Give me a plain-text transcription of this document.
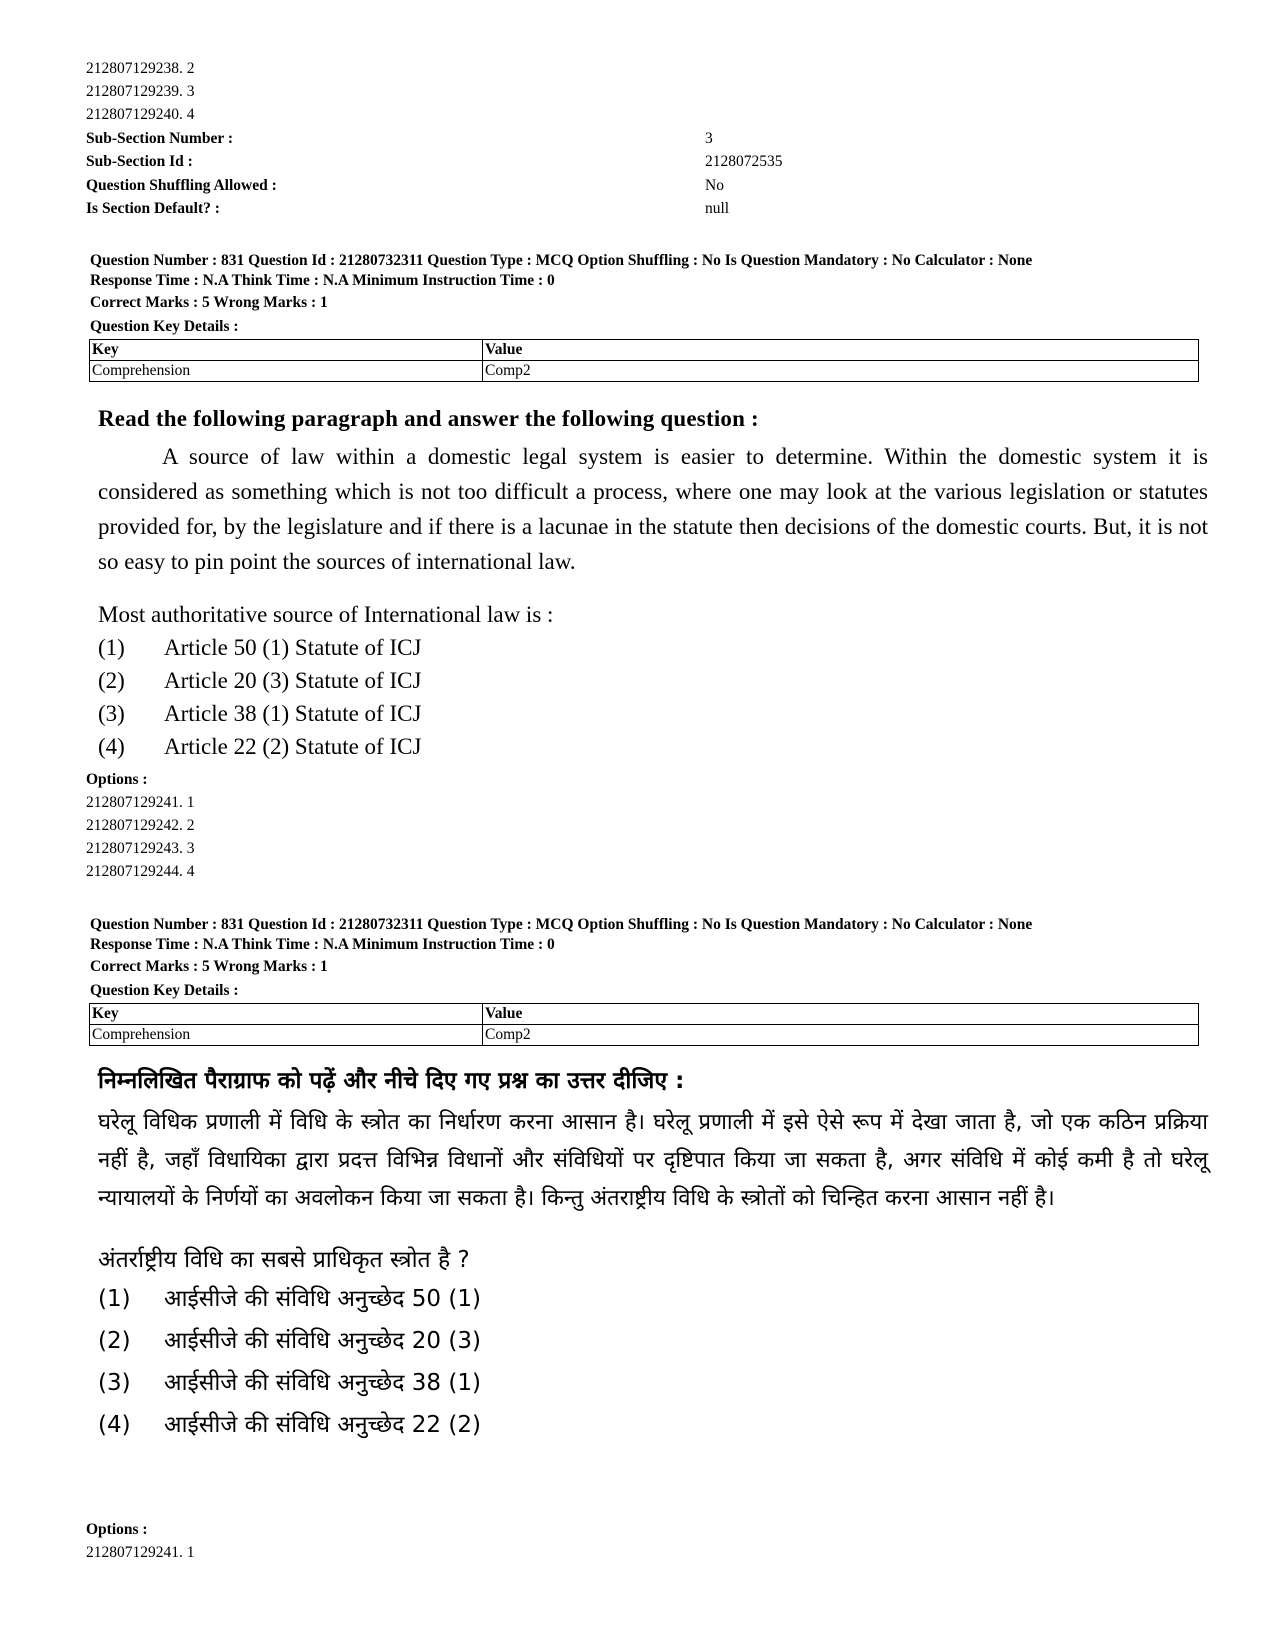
212807129238. 2
212807129239. 3
212807129240. 4
Sub-Section Number :	3
Sub-Section Id :	2128072535
Question Shuffling Allowed :	No
Is Section Default? :	null
Question Number : 831 Question Id : 21280732311 Question Type : MCQ Option Shuffling : No Is Question Mandatory : No Calculator : None
Response Time : N.A Think Time : N.A Minimum Instruction Time : 0
Correct Marks : 5 Wrong Marks : 1
Question Key Details :
Key	Value
Comprehension	Comp2
Read the following paragraph and answer the following question :

A source of law within a domestic legal system is easier to determine. Within the domestic system it is considered as something which is not too difficult a process, where one may look at the various legislation or statutes provided for, by the legislature and if there is a lacunae in the statute then decisions of the domestic courts. But, it is not so easy to pin point the sources of international law.

Most authoritative source of International law is :
(1)	Article 50 (1) Statute of ICJ
(2)	Article 20 (3) Statute of ICJ
(3)	Article 38 (1) Statute of ICJ
(4)	Article 22 (2) Statute of ICJ
Options :
212807129241. 1
212807129242. 2
212807129243. 3
212807129244. 4
Question Number : 831 Question Id : 21280732311 Question Type : MCQ Option Shuffling : No Is Question Mandatory : No Calculator : None
Response Time : N.A Think Time : N.A Minimum Instruction Time : 0
Correct Marks : 5 Wrong Marks : 1
Question Key Details :
Key	Value
Comprehension	Comp2
निम्नलिखित पैराग्राफ को पढ़ें और नीचे दिए गए प्रश्न का उत्तर दीजिए :

घरेलू विधिक प्रणाली में विधि के स्त्रोत का निर्धारण करना आसान है। घरेलू प्रणाली में इसे ऐसे रूप में देखा जाता है, जो एक कठिन प्रक्रिया नहीं है, जहाँ विधायिका द्वारा प्रदत्त विभिन्न विधानों और संविधियों पर दृष्टिपात किया जा सकता है, अगर संविधि में कोई कमी है तो घरेलू न्यायालयों के निर्णयों का अवलोकन किया जा सकता है। किन्तु अंतराष्ट्रीय विधि के स्त्रोतों को चिन्हित करना आसान नहीं है।

अंतर्राष्ट्रीय विधि का सबसे प्राधिकृत स्त्रोत है ?
(1)	आईसीजे की संविधि अनुच्छेद 50 (1)
(2)	आईसीजे की संविधि अनुच्छेद 20 (3)
(3)	आईसीजे की संविधि अनुच्छेद 38 (1)
(4)	आईसीजे की संविधि अनुच्छेद 22 (2)
Options :
212807129241. 1
